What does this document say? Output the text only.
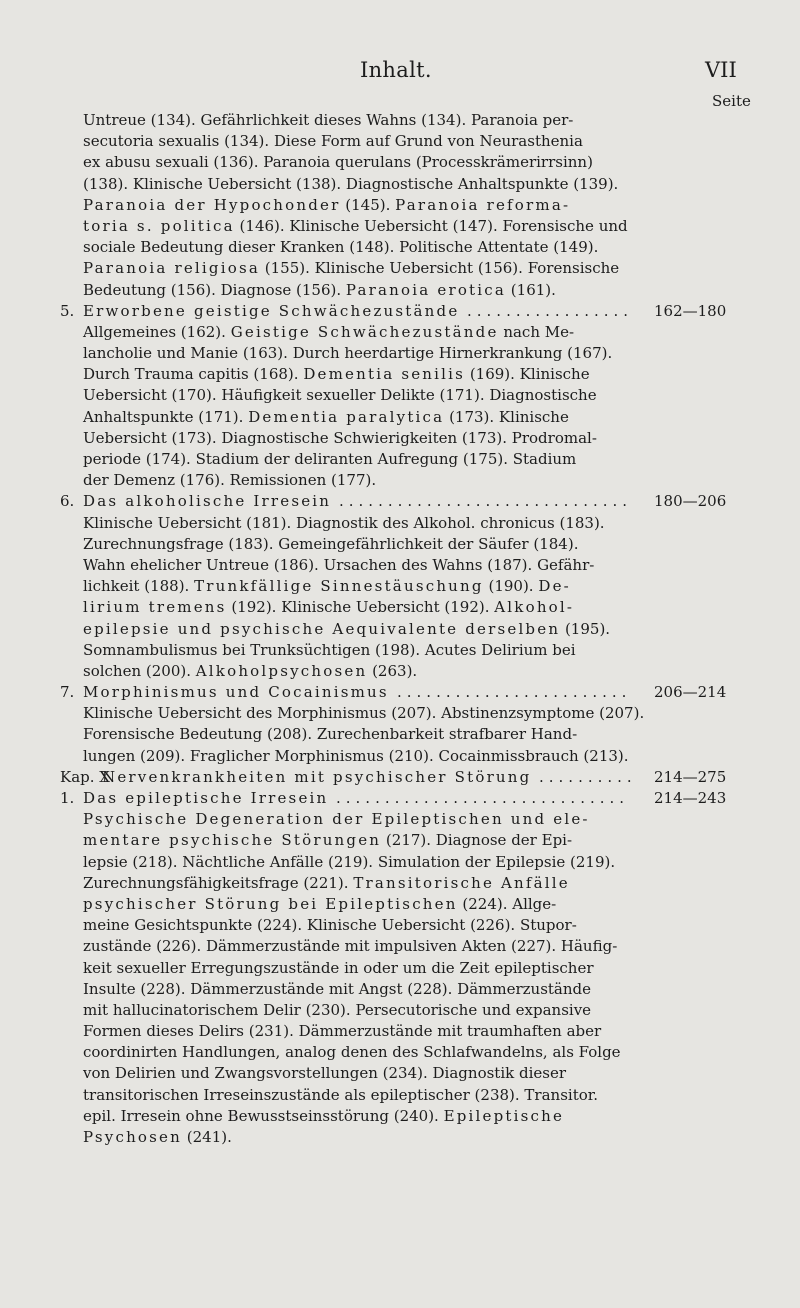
Inhalt.	VII
Seite
Untreue (134). Gefährlichkeit dieses Wahns (134). Paranoia per-
secutoria sexualis (134). Diese Form auf Grund von Neurasthenia
ex abusu sexuali (136). Paranoia querulans (Processkrämerirrsinn)
(138). Klinische Uebersicht (138). Diagnostische Anhaltspunkte (139).
Paranoia der Hypochonder (145). Paranoia reforma-
toria s. politica (146). Klinische Uebersicht (147). Forensische und
sociale Bedeutung dieser Kranken (148). Politische Attentate (149).
Paranoia religiosa (155). Klinische Uebersicht (156). Forensische
Bedeutung (156). Diagnose (156). Paranoia erotica (161).
5. Erworbene geistige Schwächezustände ................. 162—180
Allgemeines (162). Geistige Schwächezustände nach Me-
lancholie und Manie (163). Durch heerdartige Hirnerkrankung (167).
Durch Trauma capitis (168). Dementia senilis (169). Klinische
Uebersicht (170). Häufigkeit sexueller Delikte (171). Diagnostische
Anhaltspunkte (171). Dementia paralytica (173). Klinische
Uebersicht (173). Diagnostische Schwierigkeiten (173). Prodromal-
periode (174). Stadium der deliranten Aufregung (175). Stadium
der Demenz (176). Remissionen (177).
6. Das alkoholische Irresein .............................. 180—206
Klinische Uebersicht (181). Diagnostik des Alkohol. chronicus (183).
Zurechnungsfrage (183). Gemeingefährlichkeit der Säufer (184).
Wahn ehelicher Untreue (186). Ursachen des Wahns (187). Gefähr-
lichkeit (188). Trunkfällige Sinnestäuschung (190). De-
lirium tremens (192). Klinische Uebersicht (192). Alkohol-
epilepsie und psychische Aequivalente derselben (195).
Somnambulismus bei Trunksüchtigen (198). Acutes Delirium bei
solchen (200). Alkoholpsychosen (263).
7. Morphinismus und Cocainismus ........................ 206—214
Klinische Uebersicht des Morphinismus (207). Abstinenzsymptome (207).
Forensische Bedeutung (208). Zurechenbarkeit strafbarer Hand-
lungen (209). Fraglicher Morphinismus (210). Cocainmissbrauch (213).
Kap. X.
Nervenkrankheiten mit psychischer Störung .......... 214—275
1. Das epileptische Irresein .............................. 214—243
Psychische Degeneration der Epileptischen und ele-
mentare psychische Störungen (217). Diagnose der Epi-
lepsie (218). Nächtliche Anfälle (219). Simulation der Epilepsie (219).
Zurechnungsfähigkeitsfrage (221). Transitorische Anfälle
psychischer Störung bei Epileptischen (224). Allge-
meine Gesichtspunkte (224). Klinische Uebersicht (226). Stupor-
zustände (226). Dämmerzustände mit impulsiven Akten (227). Häufig-
keit sexueller Erregungszustände in oder um die Zeit epileptischer
Insulte (228). Dämmerzustände mit Angst (228). Dämmerzustände
mit hallucinatorischem Delir (230). Persecutorische und expansive
Formen dieses Delirs (231). Dämmerzustände mit traumhaften aber
coordinirten Handlungen, analog denen des Schlafwandelns, als Folge
von Delirien und Zwangsvorstellungen (234). Diagnostik dieser
transitorischen Irreseinszustände als epileptischer (238). Transitor.
epil. Irresein ohne Bewusstseinsstörung (240). Epileptische
Psychosen (241).
